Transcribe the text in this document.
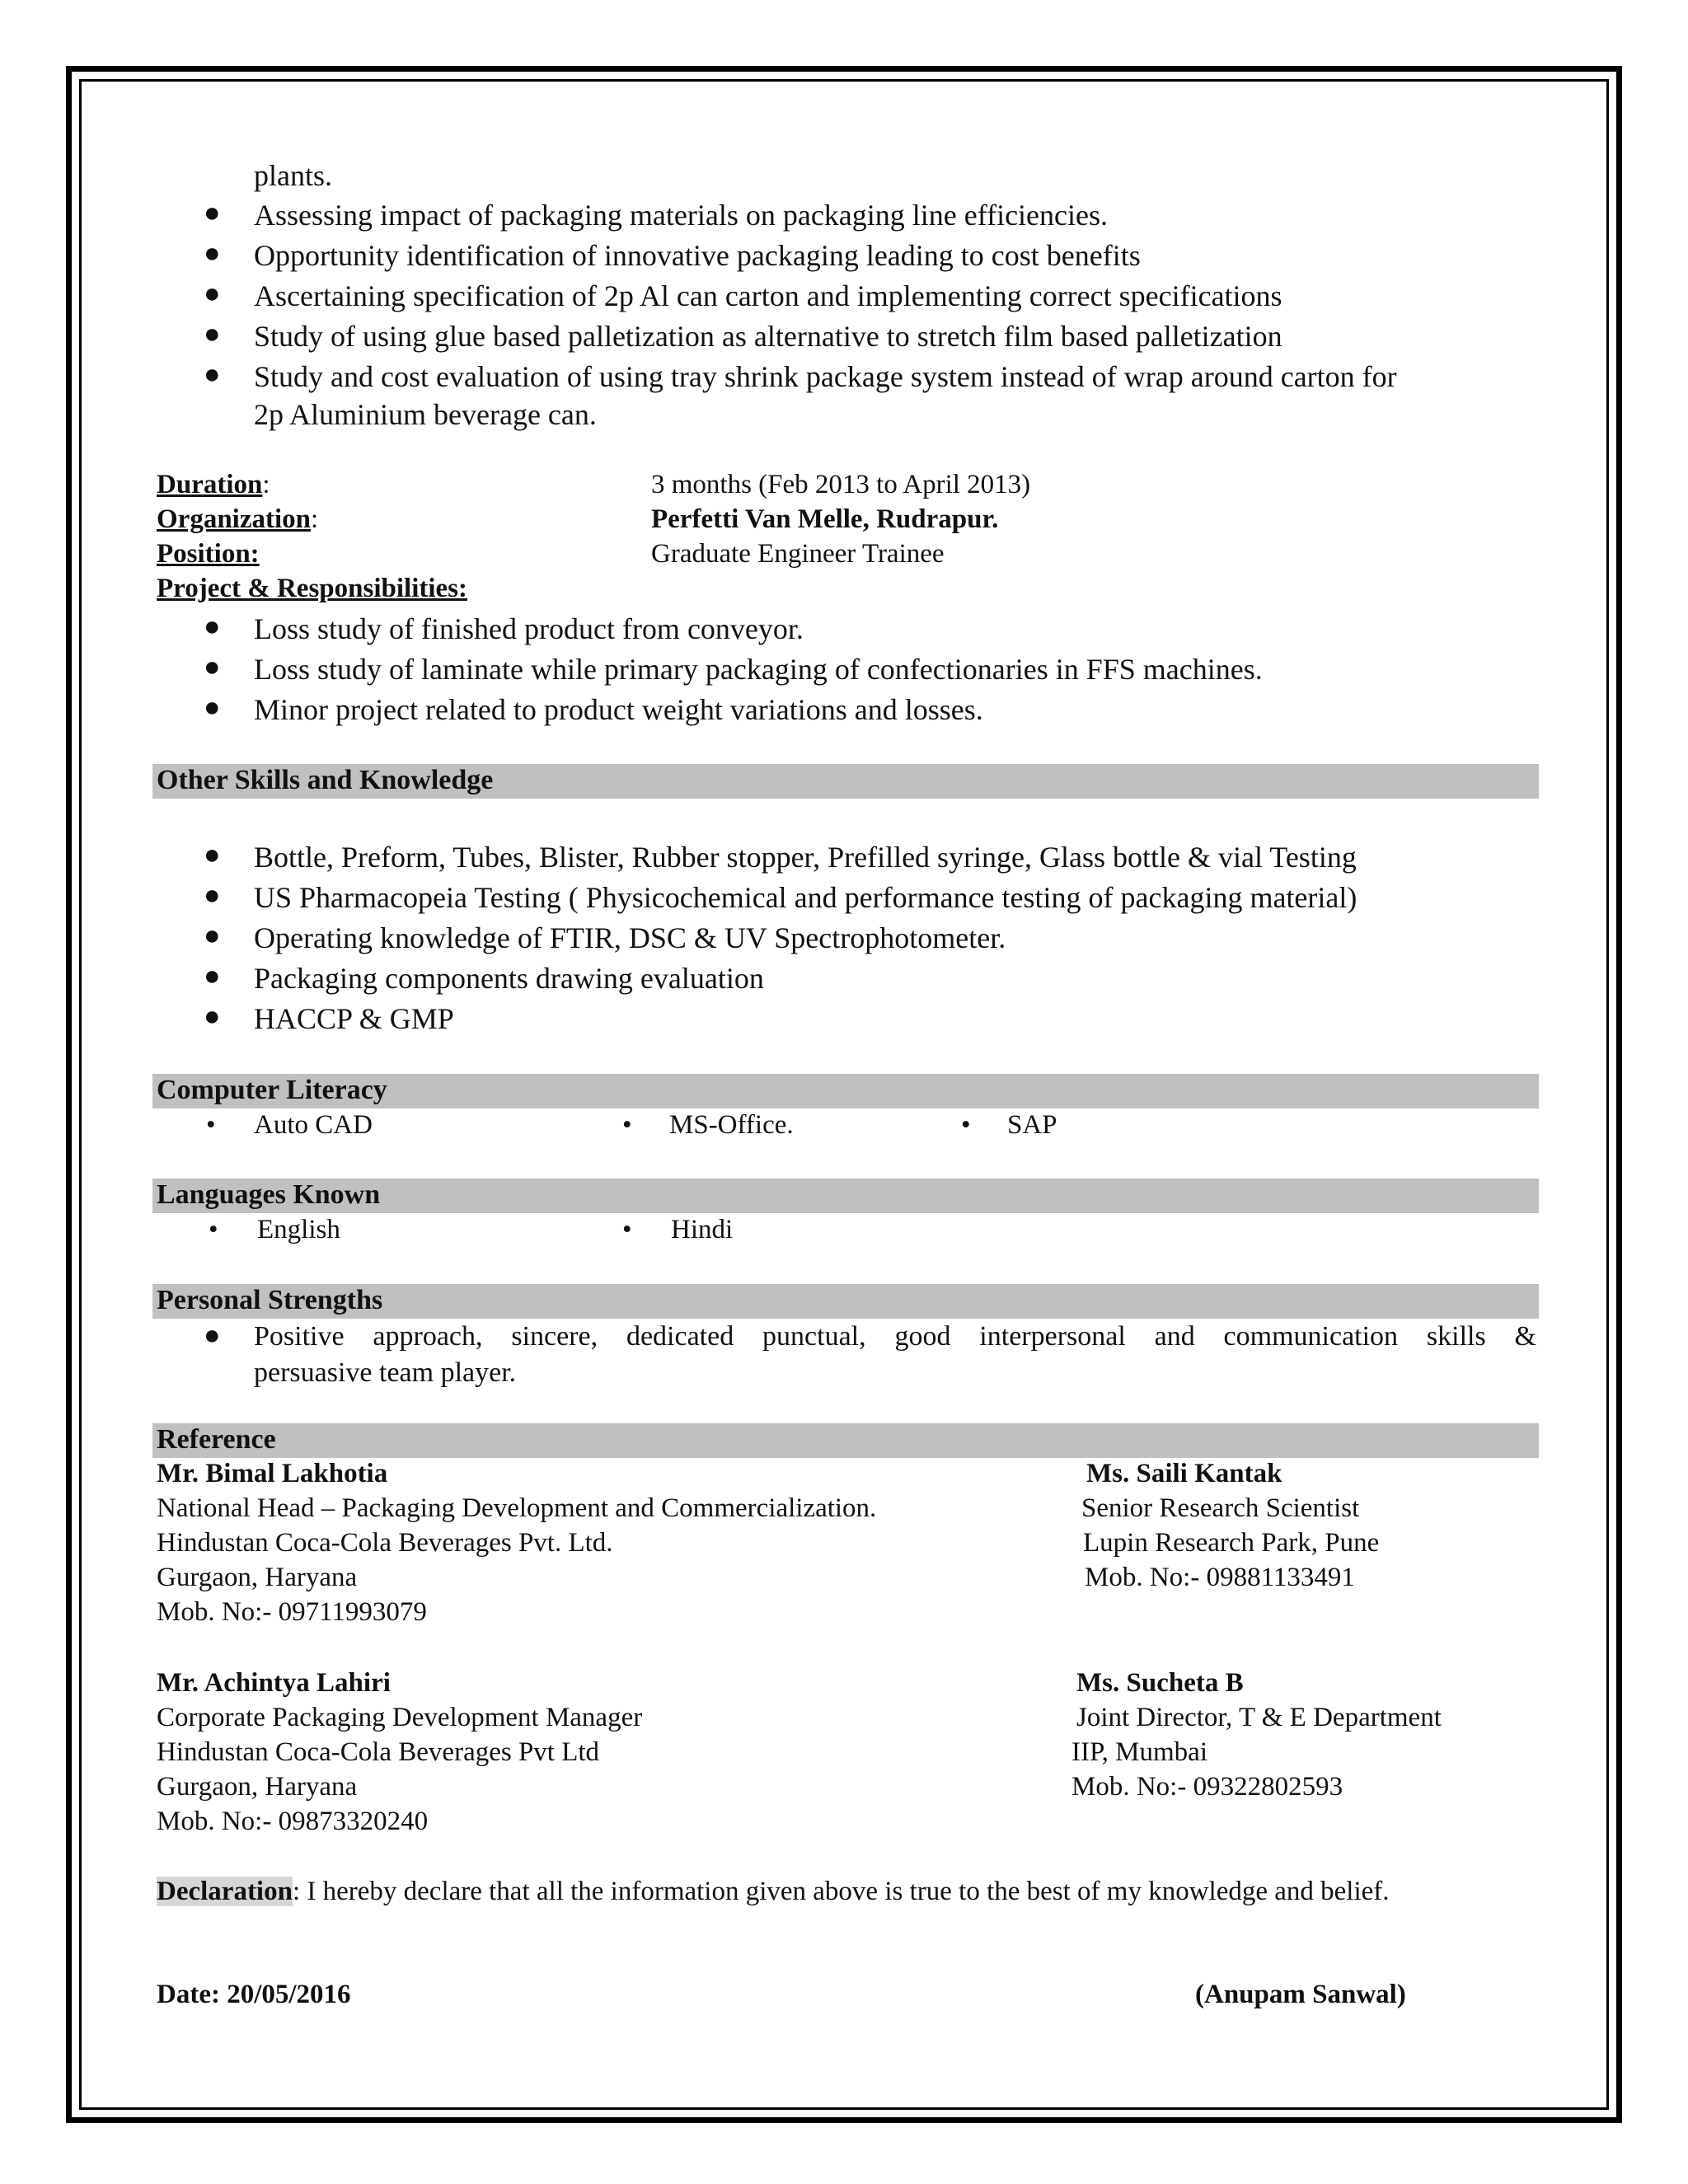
plants.
● Assessing impact of packaging materials on packaging line efficiencies.
● Opportunity identification of innovative packaging leading to cost benefits
● Ascertaining specification of 2p Al can carton and implementing correct specifications
● Study of using glue based palletization as alternative to stretch film based palletization
● Study and cost evaluation of using tray shrink package system instead of wrap around carton for
2p Aluminium beverage can.
Duration:	3 months (Feb 2013 to April 2013)
Organization:	Perfetti Van Melle, Rudrapur.
Position:	Graduate Engineer Trainee
Project & Responsibilities:
● Loss study of finished product from conveyor.
● Loss study of laminate while primary packaging of confectionaries in FFS machines.
● Minor project related to product weight variations and losses.
Other Skills and Knowledge
● Bottle, Preform, Tubes, Blister, Rubber stopper, Prefilled syringe, Glass bottle & vial Testing
● US Pharmacopeia Testing ( Physicochemical and performance testing of packaging material)
● Operating knowledge of FTIR, DSC & UV Spectrophotometer.
● Packaging components drawing evaluation
● HACCP & GMP
Computer Literacy
• Auto CAD	• MS-Office.	• SAP
Languages Known
• English	• Hindi
Personal Strengths
● Positive approach, sincere, dedicated punctual, good interpersonal and communication skills &
persuasive team player.
Reference
Mr. Bimal Lakhotia
National Head – Packaging Development and Commercialization.
Hindustan Coca-Cola Beverages Pvt. Ltd.
Gurgaon, Haryana
Mob. No:- 09711993079
Ms. Saili Kantak
Senior Research Scientist
Lupin Research Park, Pune
Mob. No:- 09881133491
Mr. Achintya Lahiri
Corporate Packaging Development Manager
Hindustan Coca-Cola Beverages Pvt Ltd
Gurgaon, Haryana
Mob. No:- 09873320240
Ms. Sucheta B
Joint Director, T & E Department
IIP, Mumbai
Mob. No:- 09322802593
Declaration: I hereby declare that all the information given above is true to the best of my knowledge and belief.
Date: 20/05/2016	(Anupam Sanwal)
